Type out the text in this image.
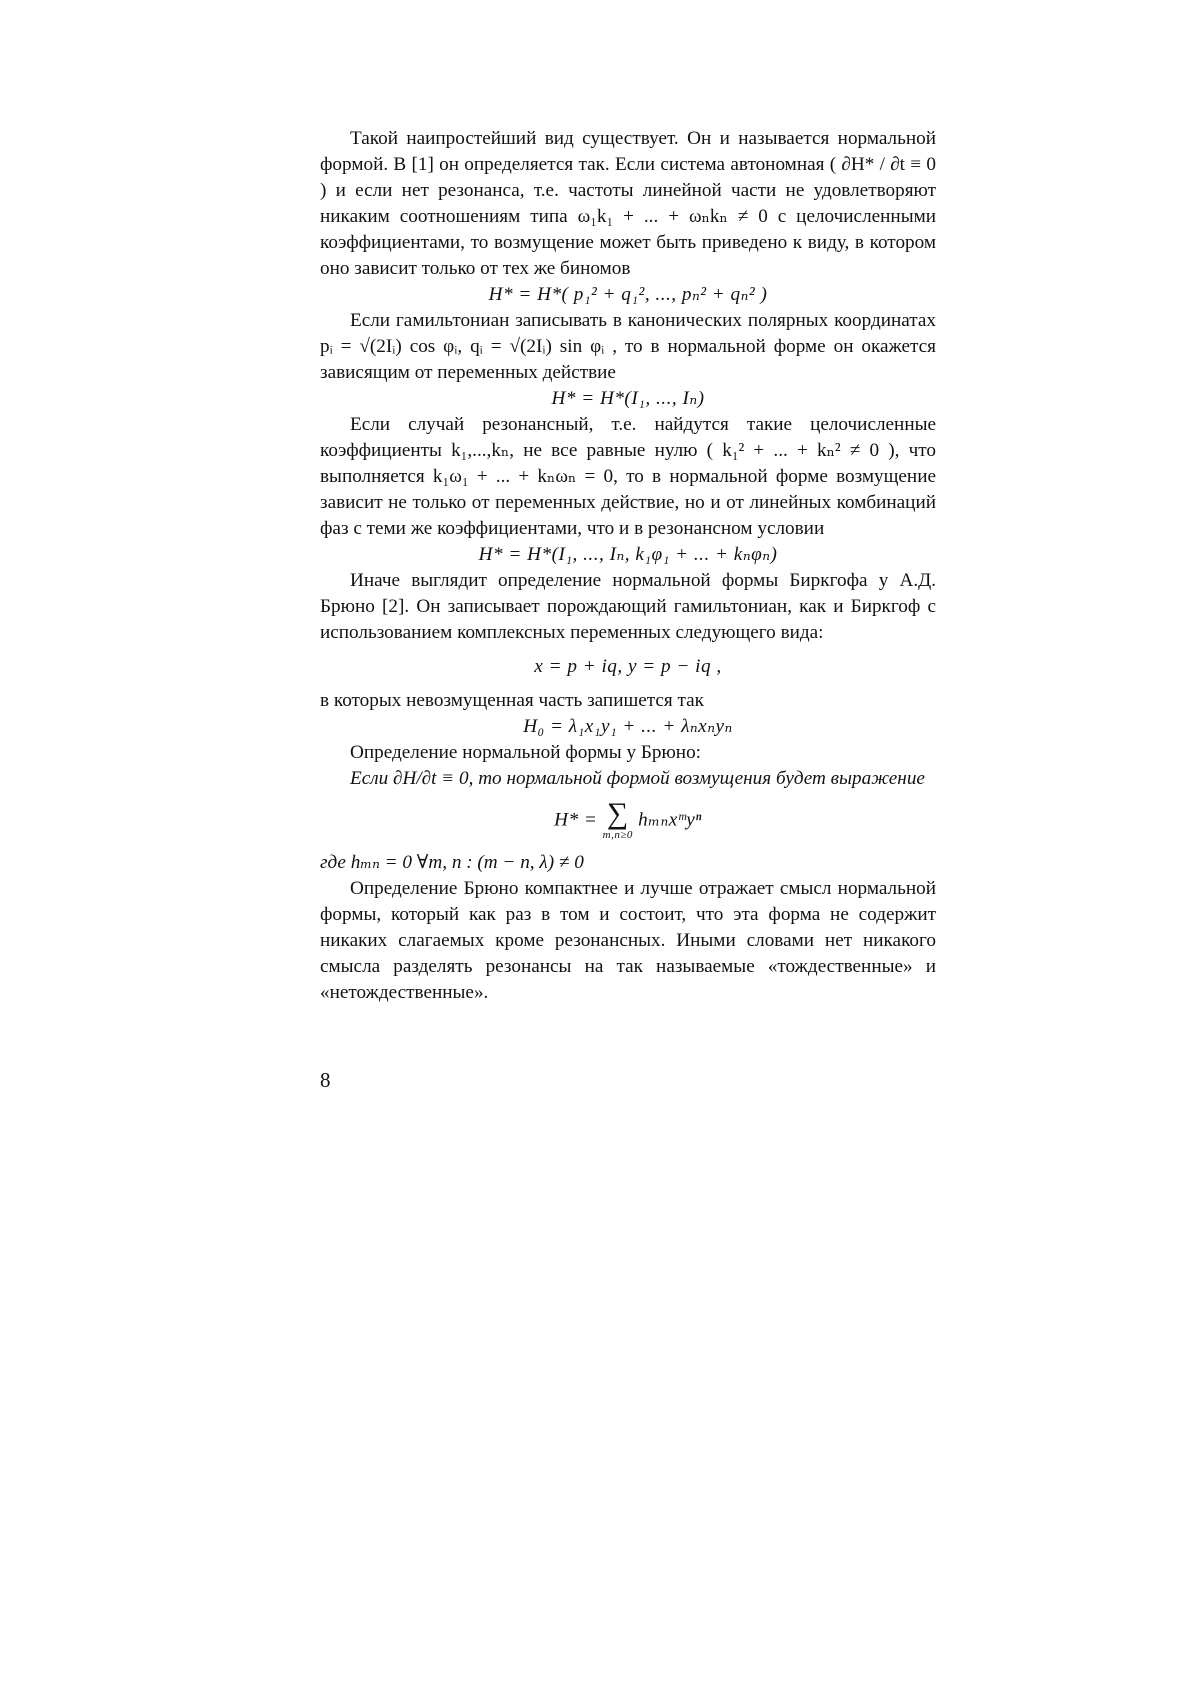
Такой наипростейший вид существует. Он и называется нормальной формой. В [1] он определяется так. Если система автономная ( ∂H* / ∂t ≡ 0 ) и если нет резонанса, т.е. частоты линейной части не удовлетворяют никаким соотношениям типа ω₁k₁ + ... + ωₙkₙ ≠ 0 с целочисленными коэффициентами, то возмущение может быть приведено к виду, в котором оно зависит только от тех же биномов

H* = H*( p₁² + q₁², ..., pₙ² + qₙ² )

Если гамильтониан записывать в канонических полярных координатах pᵢ = √(2Iᵢ) cos φᵢ, qᵢ = √(2Iᵢ) sin φᵢ , то в нормальной форме он окажется зависящим от переменных действие

H* = H*(I₁, ..., Iₙ)

Если случай резонансный, т.е. найдутся такие целочисленные коэффициенты k₁,...,kₙ, не все равные нулю ( k₁² + ... + kₙ² ≠ 0 ), что выполняется k₁ω₁ + ... + kₙωₙ = 0, то в нормальной форме возмущение зависит не только от переменных действие, но и от линейных комбинаций фаз с теми же коэффициентами, что и в резонансном условии

H* = H*(I₁, ..., Iₙ, k₁φ₁ + ... + kₙφₙ)

Иначе выглядит определение нормальной формы Биркгофа у А.Д. Брюно [2]. Он записывает порождающий гамильтониан, как и Биркгоф с использованием комплексных переменных следующего вида:

x = p + iq, y = p − iq ,

в которых невозмущенная часть запишется так

H₀ = λ₁x₁y₁ + ... + λₙxₙyₙ

Определение нормальной формы у Брюно:

Если ∂H/∂t ≡ 0, то нормальной формой возмущения будет выражение

H* = ∑
m,n≥0
hₘₙxᵐyⁿ

где hₘₙ = 0 ∀m, n : (m − n, λ) ≠ 0

Определение Брюно компактнее и лучше отражает смысл нормальной формы, который как раз в том и состоит, что эта форма не содержит никаких слагаемых кроме резонансных. Иными словами нет никакого смысла разделять резонансы на так называемые «тождественные» и «нетождественные».

8
